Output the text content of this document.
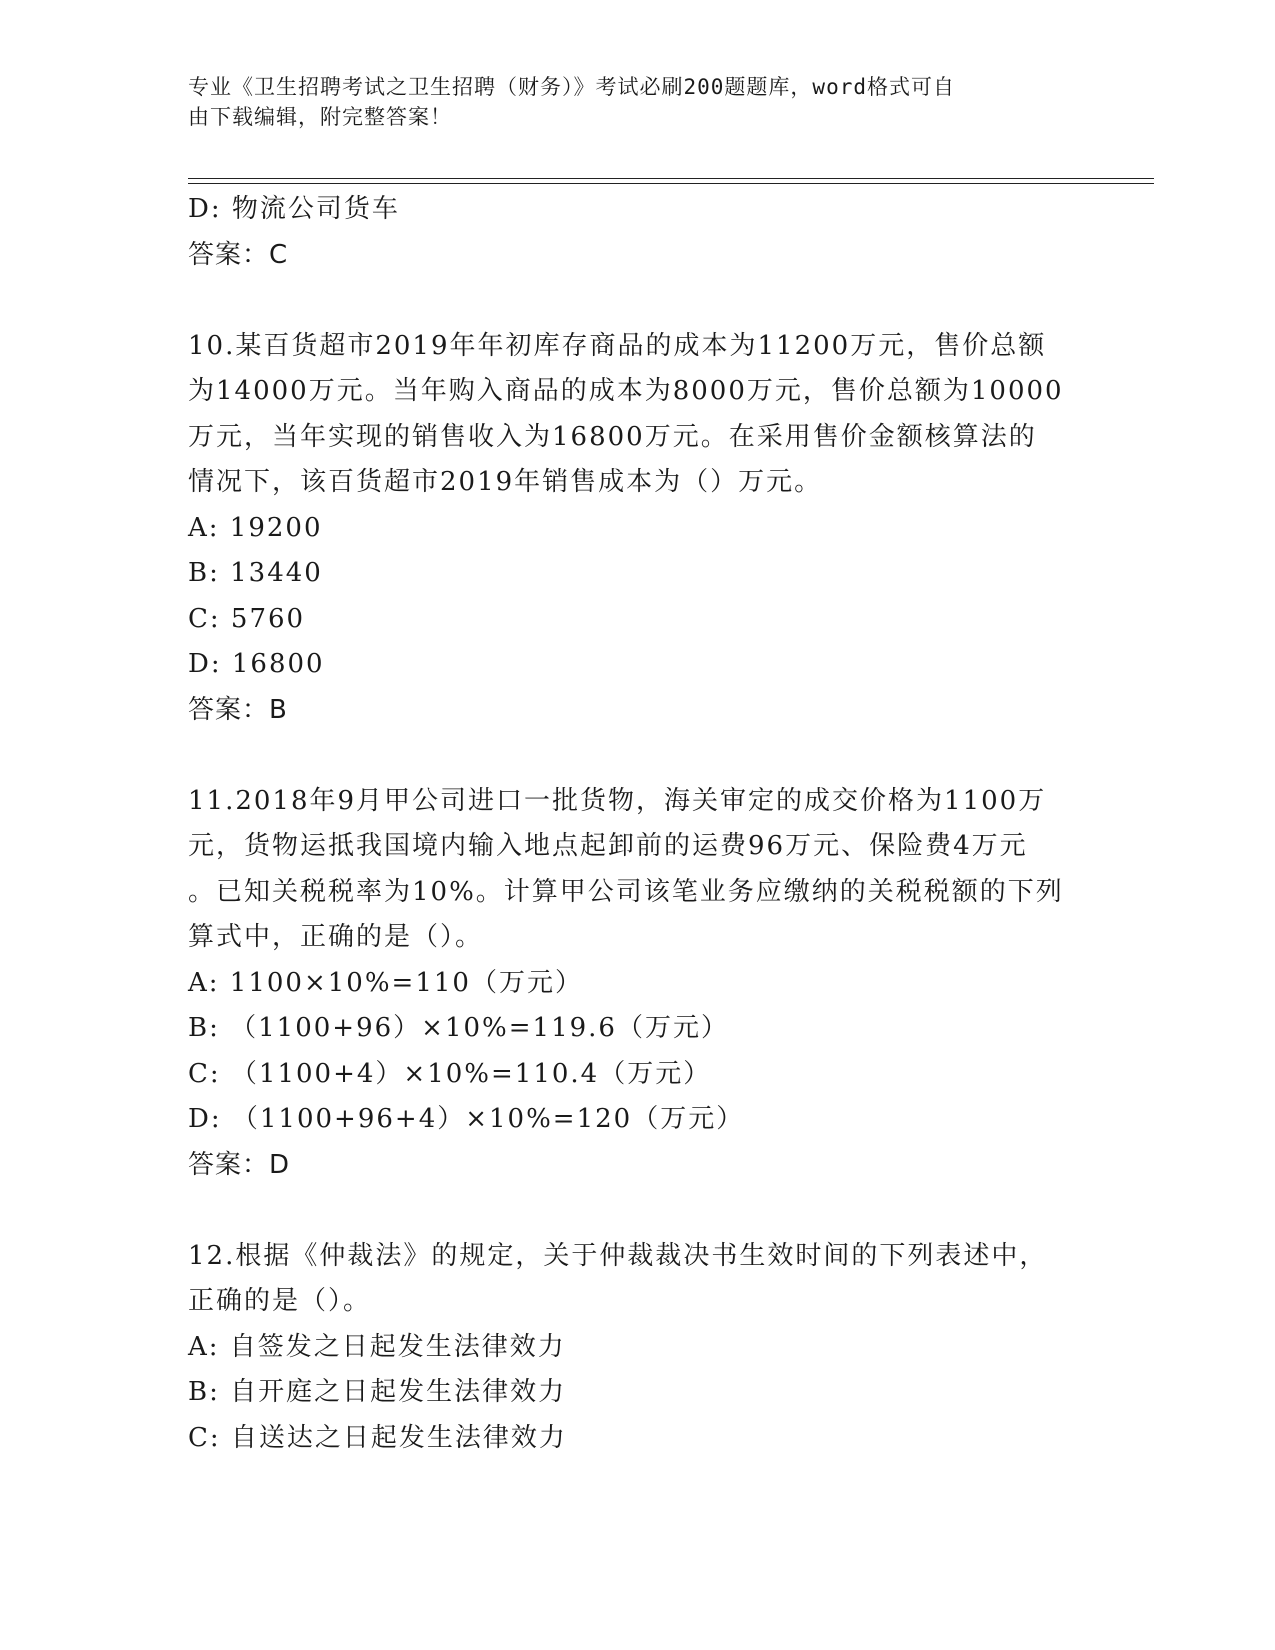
专业《卫生招聘考试之卫生招聘（财务）》考试必刷200题题库，word格式可自
由下载编辑，附完整答案！
D: 物流公司货车
答案：C
10.某百货超市2019年年初库存商品的成本为11200万元，售价总额
为14000万元。当年购入商品的成本为8000万元，售价总额为10000
万元，当年实现的销售收入为16800万元。在采用售价金额核算法的
情况下，该百货超市2019年销售成本为（）万元。
A: 19200
B: 13440
C: 5760
D: 16800
答案：B
11.2018年9月甲公司进口一批货物，海关审定的成交价格为1100万
元，货物运抵我国境内输入地点起卸前的运费96万元、保险费4万元
。已知关税税率为10%。计算甲公司该笔业务应缴纳的关税税额的下列
算式中，正确的是（）。
A: 1100×10%=110（万元）
B: （1100+96）×10%=119.6（万元）
C: （1100+4）×10%=110.4（万元）
D: （1100+96+4）×10%=120（万元）
答案：D
12.根据《仲裁法》的规定，关于仲裁裁决书生效时间的下列表述中，
正确的是（）。
A: 自签发之日起发生法律效力
B: 自开庭之日起发生法律效力
C: 自送达之日起发生法律效力
